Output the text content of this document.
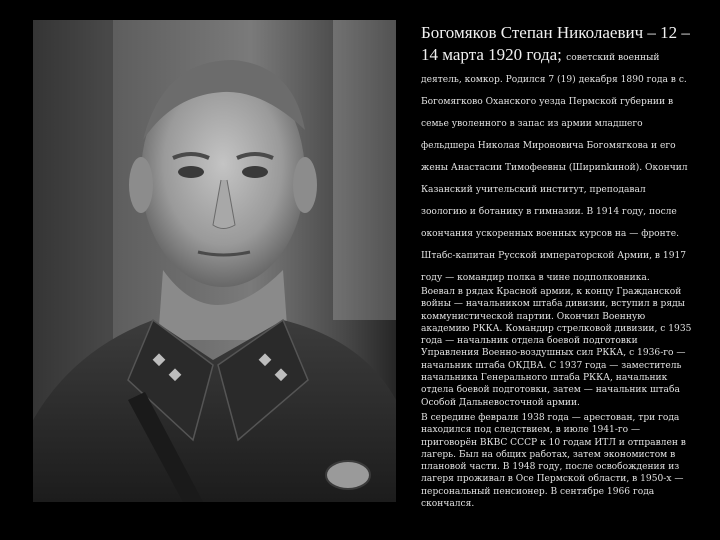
Богомяков Степан Николаевич – 12 – 14 марта 1920 года; советский военный деятель, комкор. Родился 7 (19) декабря 1890 года в с. Богомягково Оханского уезда Пермской губернии в семье уволенного в запас из армии младшего фельдшера Николая Мироновича Богомягкова и его жены Анастасии Тимофеевны (Шириnkиной). Окончил Казанский учительский институт, преподавал зоологию и ботанику в гимназии. В 1914 году, после окончания ускоренных военных курсов на — фронте. Штабс-капитан Русской императорской Армии, в 1917 году — командир полка в чине подполковника.

Воевал в рядах Красной армии, к концу Гражданской войны — начальником штаба дивизии, вступил в ряды коммунистической партии. Окончил Военную академию РККА. Командир стрелковой дивизии, с 1935 года — начальник отдела боевой подготовки Управления Военно-воздушных сил РККА, с 1936-го — начальник штаба ОКДВА. С 1937 года — заместитель начальника Генерального штаба РККА, начальник отдела боевой подготовки, затем — начальник штаба Особой Дальневосточной армии.

В середине февраля 1938 года — арестован, три года находился под следствием, в июле 1941-го — приговорён ВКВС СССР к 10 годам ИТЛ и отправлен в лагерь. Был на общих работах, затем экономистом в плановой части. В 1948 году, после освобождения из лагеря проживал в Осе Пермской области, в 1950-х — персональный пенсионер. В сентябре 1966 года скончался.
